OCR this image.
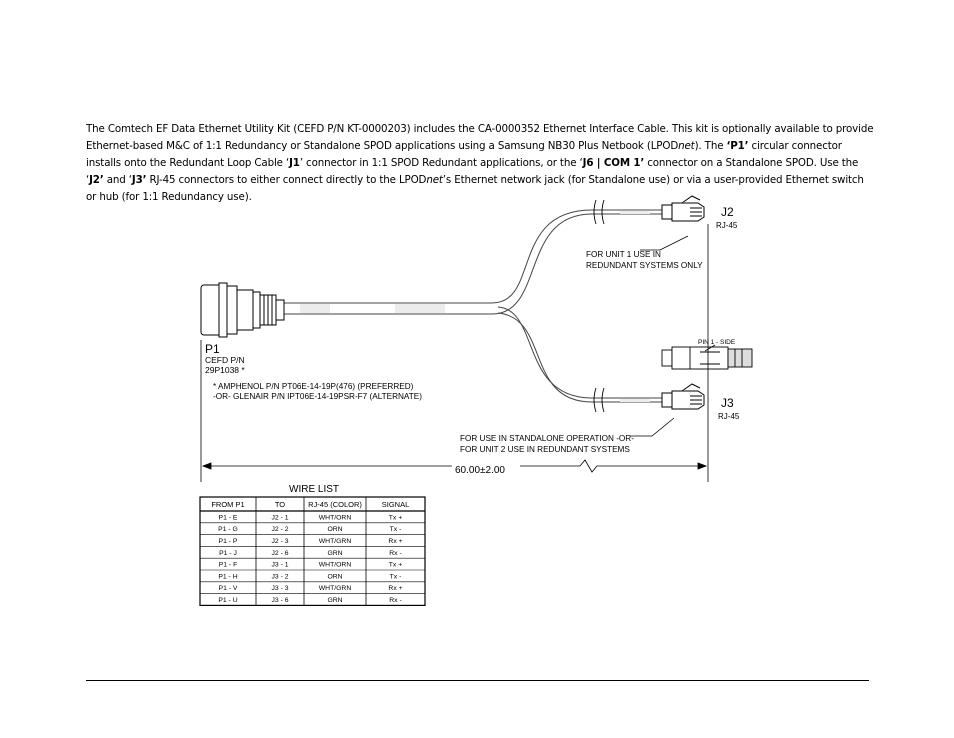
The Comtech EF Data Ethernet Utility Kit (CEFD P/N KT-0000203) includes the CA-0000352 Ethernet Interface Cable. This kit is optionally available to provide Ethernet-based M&C of 1:1 Redundancy or Standalone SPOD applications using a Samsung NB30 Plus Netbook (LPODnet). The ‘P1’ circular connector installs onto the Redundant Loop Cable ‘J1’ connector in 1:1 SPOD Redundant applications, or the ‘J6 | COM 1’ connector on a Standalone SPOD. Use the ‘J2’ and ‘J3’ RJ-45 connectors to either connect directly to the LPODnet’s Ethernet network jack (for Standalone use) or via a user-provided Ethernet switch or hub (for 1:1 Redundancy use).
P1
CEFD P/N
29P1038 *
* AMPHENOL P/N PT06E-14-19P(476) (PREFERRED)
-OR- GLENAIR P/N IPT06E-14-19PSR-F7 (ALTERNATE)
J2
RJ-45
FOR UNIT 1 USE IN
REDUNDANT SYSTEMS ONLY
PIN 1 - SIDE
J3
RJ-45
FOR USE IN STANDALONE OPERATION -OR-
FOR UNIT 2 USE IN REDUNDANT SYSTEMS
60.00±2.00
WIRE LIST
FROM P1	TO	RJ-45 (COLOR)	SIGNAL
P1 - E	J2 - 1	WHT/ORN	Tx +
P1 - G	J2 - 2	ORN	Tx -
P1 - P	J2 - 3	WHT/GRN	Rx +
P1 - J	J2 - 6	GRN	Rx -
P1 - F	J3 - 1	WHT/ORN	Tx +
P1 - H	J3 - 2	ORN	Tx -
P1 - V	J3 - 3	WHT/GRN	Rx +
P1 - U	J3 - 6	GRN	Rx -
